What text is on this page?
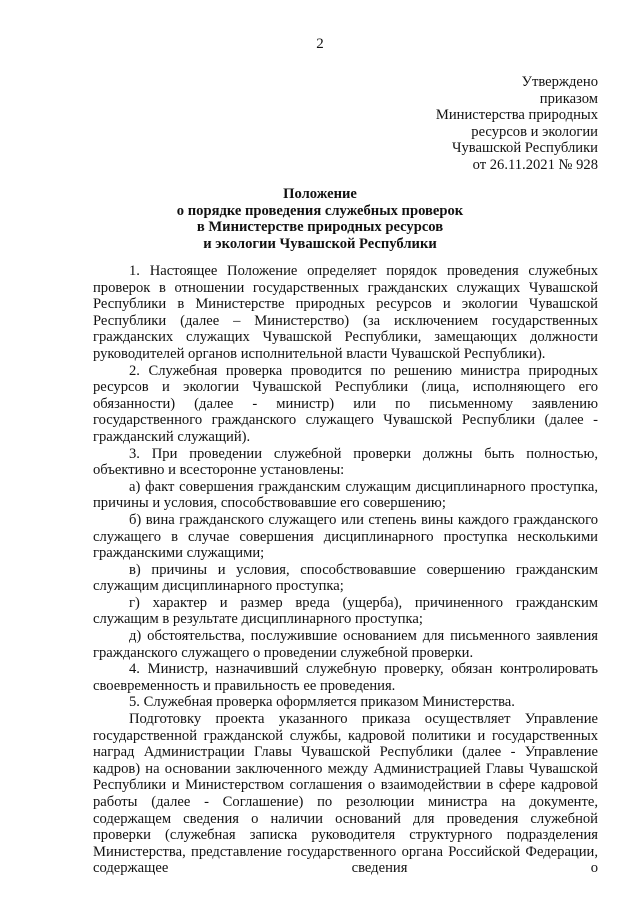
2
Утверждено
приказом
Министерства природных
ресурсов и экологии
Чувашской Республики
от 26.11.2021 № 928
Положение
о порядке проведения служебных проверок
в Министерстве природных ресурсов
и экологии Чувашской Республики

1. Настоящее Положение определяет порядок проведения служебных проверок в отношении государственных гражданских служащих Чувашской Республики в Министерстве природных ресурсов и экологии Чувашской Республики (далее – Министерство) (за исключением государственных гражданских служащих Чувашской Республики, замещающих должности руководителей органов исполнительной власти Чувашской Республики).

2. Служебная проверка проводится по решению министра природных ресурсов и экологии Чувашской Республики (лица, исполняющего его обязанности) (далее - министр) или по письменному заявлению государственного гражданского служащего Чувашской Республики (далее - гражданский служащий).

3. При проведении служебной проверки должны быть полностью, объективно и всесторонне установлены:

а) факт совершения гражданским служащим дисциплинарного проступка, причины и условия, способствовавшие его совершению;

б) вина гражданского служащего или степень вины каждого гражданского служащего в случае совершения дисциплинарного проступка несколькими гражданскими служащими;

в) причины и условия, способствовавшие совершению гражданским служащим дисциплинарного проступка;

г) характер и размер вреда (ущерба), причиненного гражданским служащим в результате дисциплинарного проступка;

д) обстоятельства, послужившие основанием для письменного заявления гражданского служащего о проведении служебной проверки.

4. Министр, назначивший служебную проверку, обязан контролировать своевременность и правильность ее проведения.

5. Служебная проверка оформляется приказом Министерства.

Подготовку проекта указанного приказа осуществляет Управление государственной гражданской службы, кадровой политики и государственных наград Администрации Главы Чувашской Республики (далее - Управление кадров) на основании заключенного между Администрацией Главы Чувашской Республики и Министерством соглашения о взаимодействии в сфере кадровой работы (далее - Соглашение) по резолюции министра на документе, содержащем сведения о наличии оснований для проведения служебной проверки (служебная записка руководителя структурного подразделения Министерства, представление государственного органа Российской Федерации, содержащее сведения о
